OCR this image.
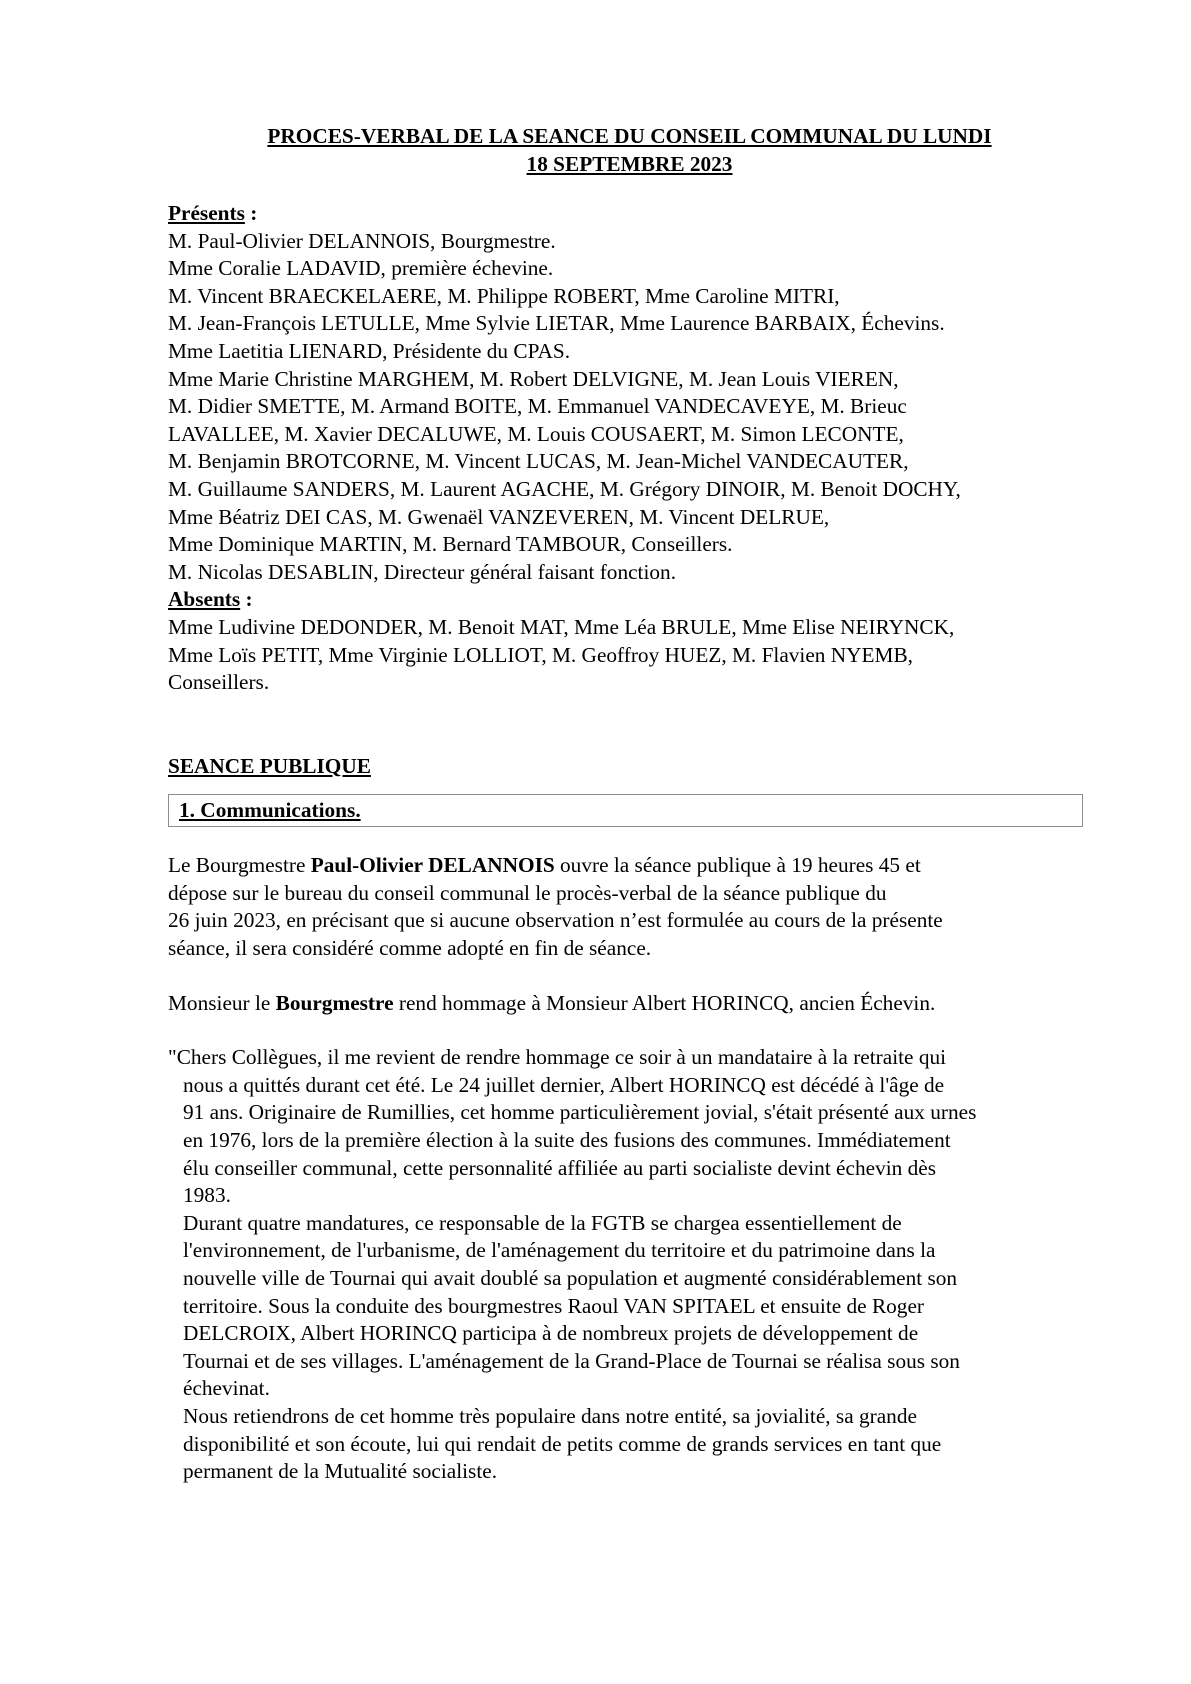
PROCES-VERBAL DE LA SEANCE DU CONSEIL COMMUNAL DU LUNDI
18 SEPTEMBRE 2023
Présents :
M. Paul-Olivier DELANNOIS, Bourgmestre.
Mme Coralie LADAVID, première échevine.
M. Vincent BRAECKELAERE, M. Philippe ROBERT, Mme Caroline MITRI,
M. Jean-François LETULLE, Mme Sylvie LIETAR, Mme Laurence BARBAIX, Échevins.
Mme Laetitia LIENARD, Présidente du CPAS.
Mme Marie Christine MARGHEM, M. Robert DELVIGNE, M. Jean Louis VIEREN,
M. Didier SMETTE, M. Armand BOITE, M. Emmanuel VANDECAVEYE, M. Brieuc
LAVALLEE, M. Xavier DECALUWE, M. Louis COUSAERT, M. Simon LECONTE,
M. Benjamin BROTCORNE, M. Vincent LUCAS, M. Jean-Michel VANDECAUTER,
M. Guillaume SANDERS, M. Laurent AGACHE, M. Grégory DINOIR, M. Benoit DOCHY,
Mme Béatriz DEI CAS, M. Gwenaël VANZEVEREN, M. Vincent DELRUE,
Mme Dominique MARTIN, M. Bernard TAMBOUR, Conseillers.
M. Nicolas DESABLIN, Directeur général faisant fonction.
Absents :
Mme Ludivine DEDONDER, M. Benoit MAT, Mme Léa BRULE, Mme Elise NEIRYNCK,
Mme Loïs PETIT, Mme Virginie LOLLIOT, M. Geoffroy HUEZ, M. Flavien NYEMB,
Conseillers.
SEANCE PUBLIQUE
1. Communications.
Le Bourgmestre Paul-Olivier DELANNOIS ouvre la séance publique à 19 heures 45 et
dépose sur le bureau du conseil communal le procès-verbal de la séance publique du
26 juin 2023, en précisant que si aucune observation n’est formulée au cours de la présente
séance, il sera considéré comme adopté en fin de séance.
Monsieur le Bourgmestre rend hommage à Monsieur Albert HORINCQ, ancien Échevin.
"Chers Collègues, il me revient de rendre hommage ce soir à un mandataire à la retraite qui
nous a quittés durant cet été. Le 24 juillet dernier, Albert HORINCQ est décédé à l'âge de
91 ans. Originaire de Rumillies, cet homme particulièrement jovial, s'était présenté aux urnes
en 1976, lors de la première élection à la suite des fusions des communes. Immédiatement
élu conseiller communal, cette personnalité affiliée au parti socialiste devint échevin dès
1983.
Durant quatre mandatures, ce responsable de la FGTB se chargea essentiellement de
l'environnement, de l'urbanisme, de l'aménagement du territoire et du patrimoine dans la
nouvelle ville de Tournai qui avait doublé sa population et augmenté considérablement son
territoire. Sous la conduite des bourgmestres Raoul VAN SPITAEL et ensuite de Roger
DELCROIX, Albert HORINCQ participa à de nombreux projets de développement de
Tournai et de ses villages. L'aménagement de la Grand-Place de Tournai se réalisa sous son
échevinat.
Nous retiendrons de cet homme très populaire dans notre entité, sa jovialité, sa grande
disponibilité et son écoute, lui qui rendait de petits comme de grands services en tant que
permanent de la Mutualité socialiste.
